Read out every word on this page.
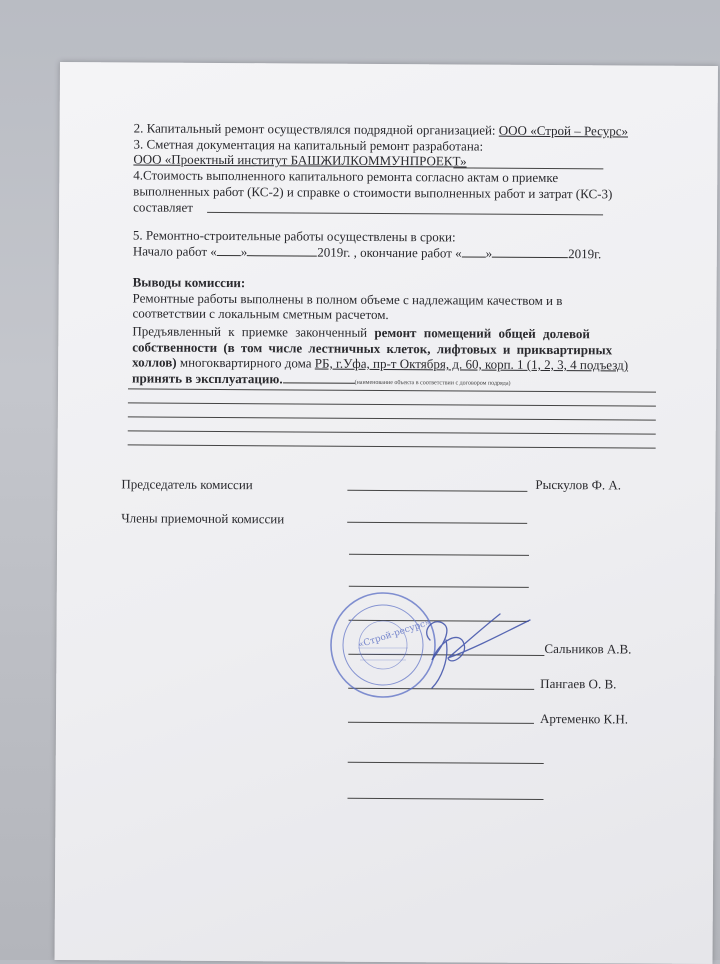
2. Капитальный ремонт осуществлялся подрядной организацией: ООО «Строй – Ресурс»
3. Сметная документация на капитальный ремонт разработана:
ООО «Проектный институт БАШЖИЛКОММУНПРОЕКТ»
4.Стоимость выполненного капитального ремонта согласно актам о приемке
выполненных работ (КС-2) и справке о стоимости выполненных работ и затрат (КС-3)
составляет
5. Ремонтно-строительные работы осуществлены в сроки:
Начало работ « »	2019г. , окончание работ « »	2019г.
Выводы комиссии:
Ремонтные работы выполнены в полном объеме с надлежащим качеством и в
соответствии с локальным сметным расчетом.
Предъявленный к приемке законченный ремонт помещений общей долевой
собственности (в том числе лестничных клеток, лифтовых и приквартирных
холлов) многоквартирного дома РБ, г.Уфа, пр-т Октября, д. 60, корп. 1 (1, 2, 3, 4 подъезд)
принять в эксплуатацию.	(наименование объекта в соответствии с договором подряда)
Председатель комиссии	Рыскулов Ф. А.
Члены приемочной комиссии
Сальников А.В.
Пангаев О. В.
Артеменко К.Н.
«Строй-ресурс»
